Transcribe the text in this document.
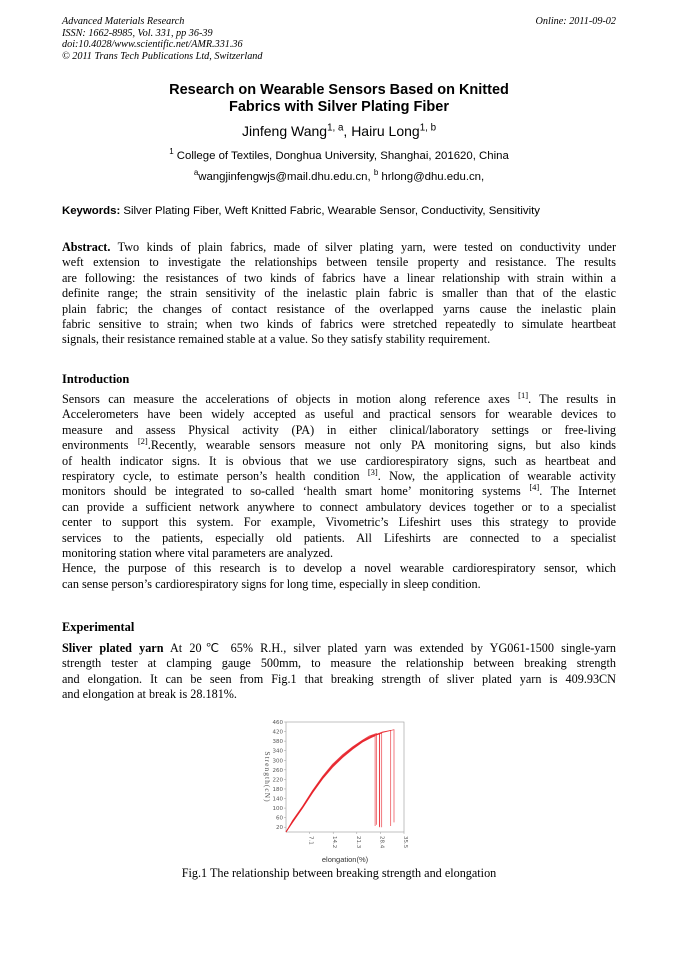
Advanced Materials Research
ISSN: 1662-8985, Vol. 331, pp 36-39
doi:10.4028/www.scientific.net/AMR.331.36
© 2011 Trans Tech Publications Ltd, Switzerland
Online: 2011-09-02
Research on Wearable Sensors Based on Knitted
Fabrics with Silver Plating Fiber
Jinfeng Wang$^{1, a}$, Hairu Long$^{1, b}$
$^1$ College of Textiles, Donghua University, Shanghai, 201620, China
$^a$wangjinfengwjs@mail.dhu.edu.cn, $^b$ hrlong@dhu.edu.cn,
Keywords: Silver Plating Fiber, Weft Knitted Fabric, Wearable Sensor, Conductivity, Sensitivity
Abstract. Two kinds of plain fabrics, made of silver plating yarn, were tested on conductivity under
weft extension to investigate the relationships between tensile property and resistance. The results
are following: the resistances of two kinds of fabrics have a linear relationship with strain within a
definite range; the strain sensitivity of the inelastic plain fabric is smaller than that of the elastic
plain fabric; the changes of contact resistance of the overlapped yarns cause the inelastic plain
fabric sensitive to strain; when two kinds of fabrics were stretched repeatedly to simulate heartbeat
signals, their resistance remained stable at a value. So they satisfy stability requirement.
Introduction
Sensors can measure the accelerations of objects in motion along reference axes [1]. The results in
Accelerometers have been widely accepted as useful and practical sensors for wearable devices to
measure and assess Physical activity (PA) in either clinical/laboratory settings or free-living
environments [2].Recently, wearable sensors measure not only PA monitoring signs, but also kinds
of health indicator signs. It is obvious that we use cardiorespiratory signs, such as heartbeat and
respiratory cycle, to estimate person’s health condition [3]. Now, the application of wearable activity
monitors should be integrated to so-called ‘health smart home’ monitoring systems [4]. The Internet
can provide a sufficient network anywhere to connect ambulatory devices together or to a specialist
center to support this system. For example, Vivometric’s Lifeshirt uses this strategy to provide
services to the patients, especially old patients. All Lifeshirts are connected to a specialist
monitoring station where vital parameters are analyzed.
Hence, the purpose of this research is to develop a novel wearable cardiorespiratory sensor, which
can sense person’s cardiorespiratory signs for long time, especially in sleep condition.
Experimental
Sliver plated yarn At 20℃ 65% R.H., silver plated yarn was extended by YG061-1500 single-yarn
strength tester at clamping gauge 500mm, to measure the relationship between breaking strength
and elongation. It can be seen from Fig.1 that breaking strength of sliver plated yarn is 409.93CN
and elongation at break is 28.181%.
20
60
100
140
180
220
260
300
340
380
420
460
7.1	14.2	21.3	28.4	35.5
elongation(%)
Strength(cN)
Fig.1 The relationship between breaking strength and elongation
